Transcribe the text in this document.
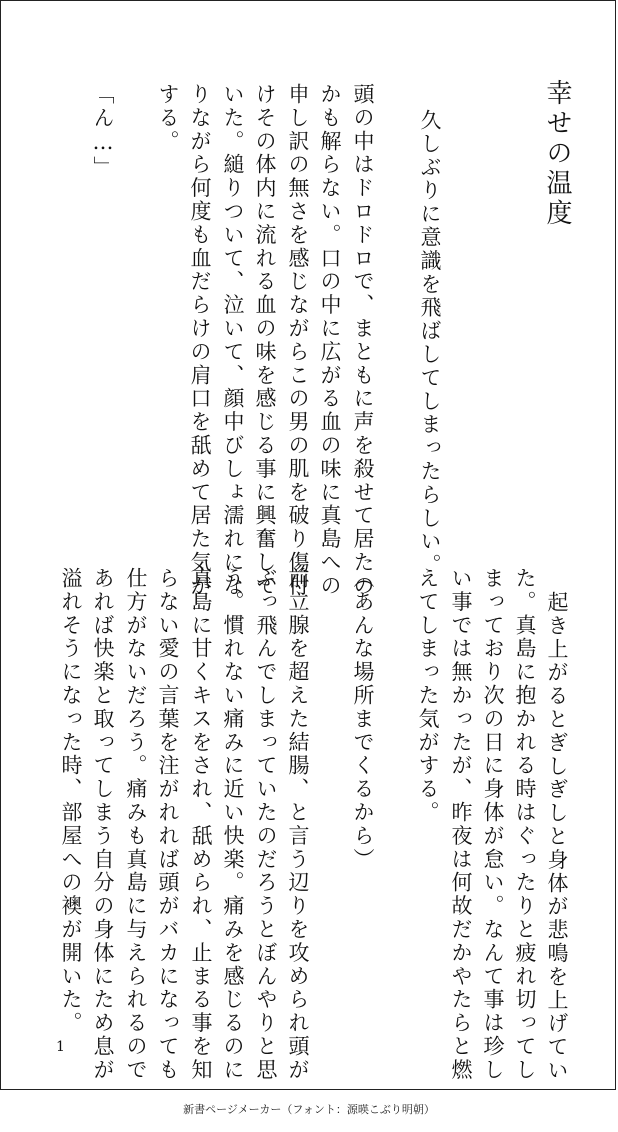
幸せの温度
久しぶりに意識を飛ばしてしまったらしい。
頭の中はドロドロで、まともに声を殺せて居たの
かも解らない。口の中に広がる血の味に真島への
申し訳の無さを感じながらこの男の肌を破り傷付
けその体内に流れる血の味を感じる事に興奮して
いた。縋りついて、泣いて、顔中びしょ濡れにな
りながら何度も血だらけの肩口を舐めて居た気が
する。
「ん…」
起き上がるとぎしぎしと身体が悲鳴を上げてい
た。真島に抱かれる時はぐったりと疲れ切ってし
まっており次の日に身体が怠い。なんて事は珍し
い事では無かったが、昨夜は何故だかやたらと燃
えてしまった気がする。
（あんな場所までくるから）
前立腺を超えた結腸、と言う辺りを攻められ頭が
ぶっ飛んでしまっていたのだろうとぼんやりと思
う。慣れない痛みに近い快楽。痛みを感じるのに
真島に甘くキスをされ、舐められ、止まる事を知
らない愛の言葉を注がれれば頭がバカになっても
仕方がないだろう。痛みも真島に与えられるので
あれば快楽と取ってしまう自分の身体にため息が
溢れそうになった時、部屋への襖が開いた。
1
新書ページメーカー（フォント：源暎こぶり明朝）
